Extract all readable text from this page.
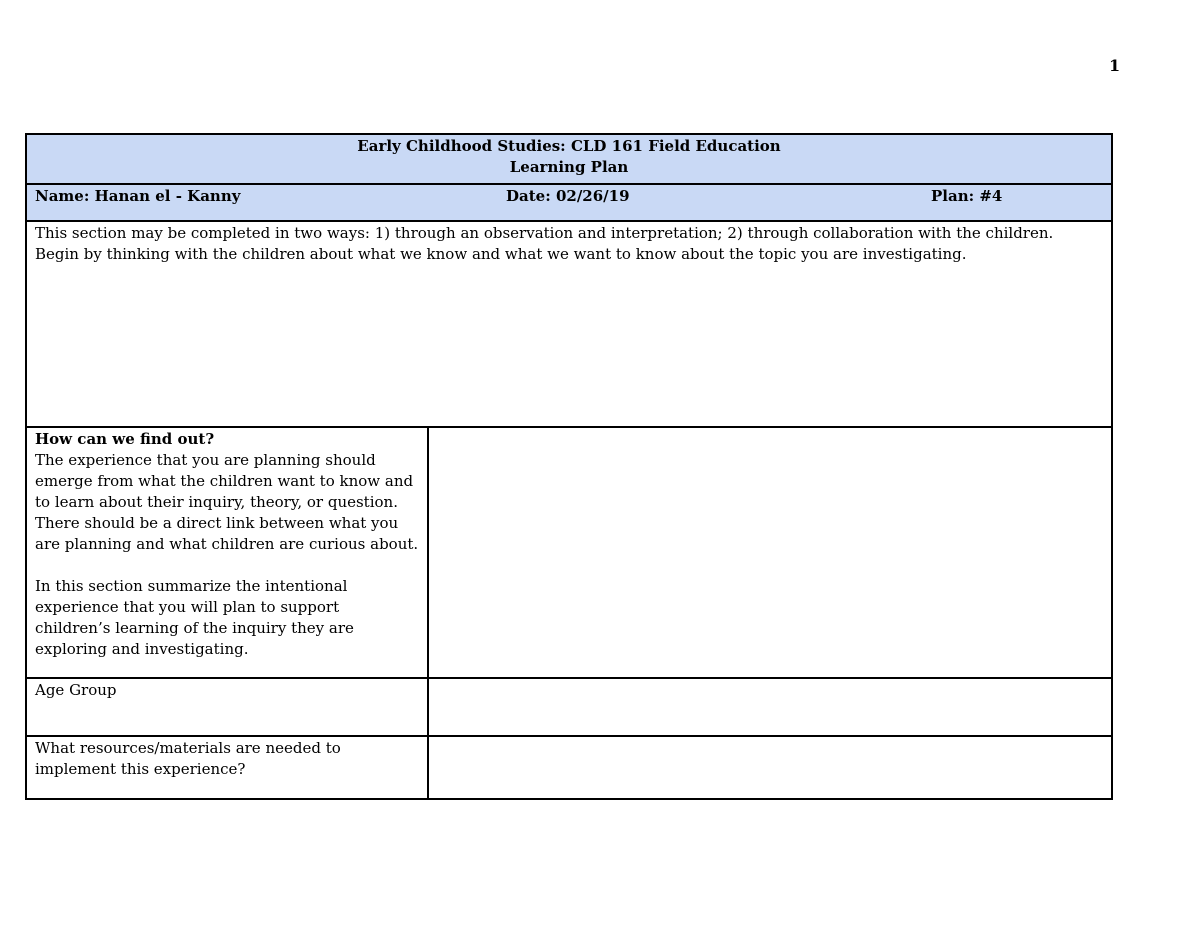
1
Early Childhood Studies: CLD 161 Field Education
Learning Plan	

Name: Hanan el - Kanny Date: 02/26/19 Plan: #4	

This section may be completed in two ways: 1) through an observation and interpretation; 2) through collaboration with the children.
Begin by thinking with the children about what we know and what we want to know about the topic you are investigating.	

How can we find out?
The experience that you are planning should emerge from what the children want to know and to learn about their inquiry, theory, or question. There should be a direct link between what you are planning and what children are curious about.
In this section summarize the intentional experience that you will plan to support children’s learning of the inquiry they are exploring and investigating.	

Age Group	
What resources/materials are needed to implement this experience?	
